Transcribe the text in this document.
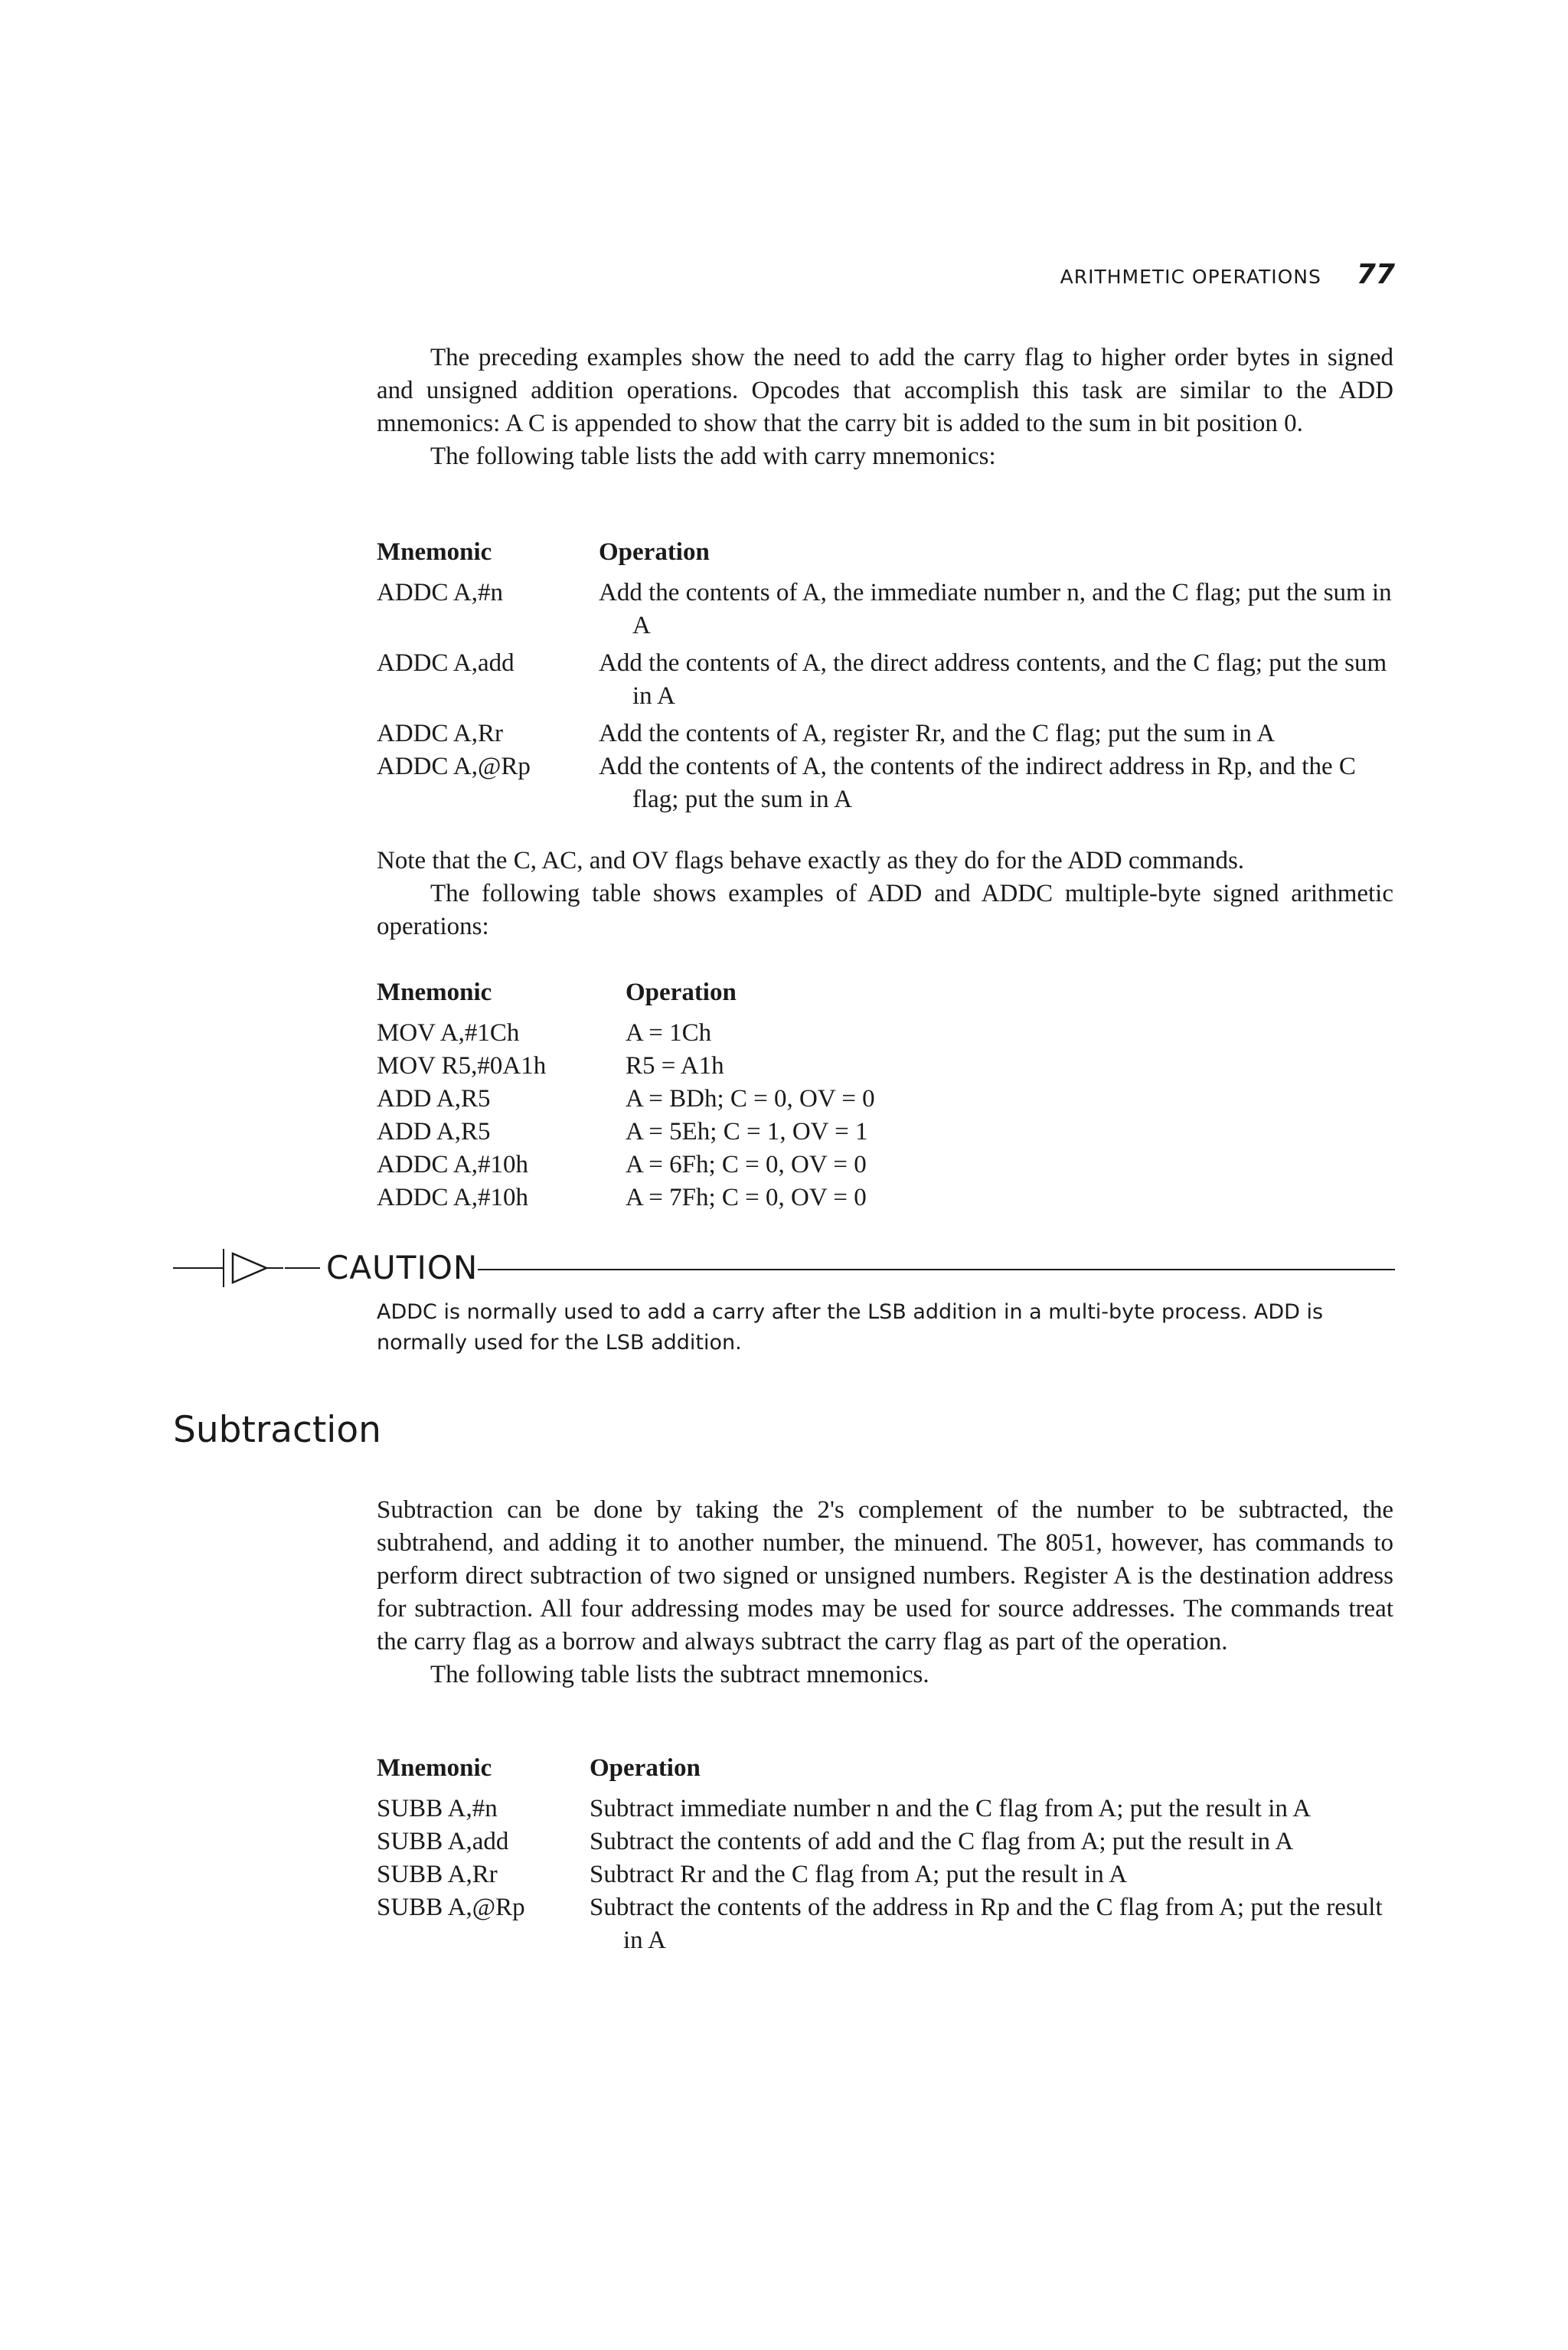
ARITHMETIC OPERATIONS 77

The preceding examples show the need to add the carry flag to higher order bytes in signed and unsigned addition operations. Opcodes that accomplish this task are similar to the ADD mnemonics: A C is appended to show that the carry bit is added to the sum in bit position 0.

The following table lists the add with carry mnemonics:

Mnemonic	Operation
ADDC A,#n	Add the contents of A, the immediate number n, and the C flag; put the sum in A
ADDC A,add	Add the contents of A, the direct address contents, and the C flag; put the sum in A
ADDC A,Rr	Add the contents of A, register Rr, and the C flag; put the sum in A
ADDC A,@Rp	Add the contents of A, the contents of the indirect address in Rp, and the C flag; put the sum in A

Note that the C, AC, and OV flags behave exactly as they do for the ADD commands.

The following table shows examples of ADD and ADDC multiple-byte signed arithmetic operations:

Mnemonic	Operation
MOV A,#1Ch	A = 1Ch
MOV R5,#0A1h	R5 = A1h
ADD A,R5	A = BDh; C = 0, OV = 0
ADD A,R5	A = 5Eh; C = 1, OV = 1
ADDC A,#10h	A = 6Fh; C = 0, OV = 0
ADDC A,#10h	A = 7Fh; C = 0, OV = 0
CAUTION

ADDC is normally used to add a carry after the LSB addition in a multi-byte process. ADD is normally used for the LSB addition.

Subtraction

Subtraction can be done by taking the 2's complement of the number to be subtracted, the subtrahend, and adding it to another number, the minuend. The 8051, however, has commands to perform direct subtraction of two signed or unsigned numbers. Register A is the destination address for subtraction. All four addressing modes may be used for source addresses. The commands treat the carry flag as a borrow and always subtract the carry flag as part of the operation.

The following table lists the subtract mnemonics.

Mnemonic	Operation
SUBB A,#n	Subtract immediate number n and the C flag from A; put the result in A
SUBB A,add	Subtract the contents of add and the C flag from A; put the result in A
SUBB A,Rr	Subtract Rr and the C flag from A; put the result in A
SUBB A,@Rp	Subtract the contents of the address in Rp and the C flag from A; put the result in A
